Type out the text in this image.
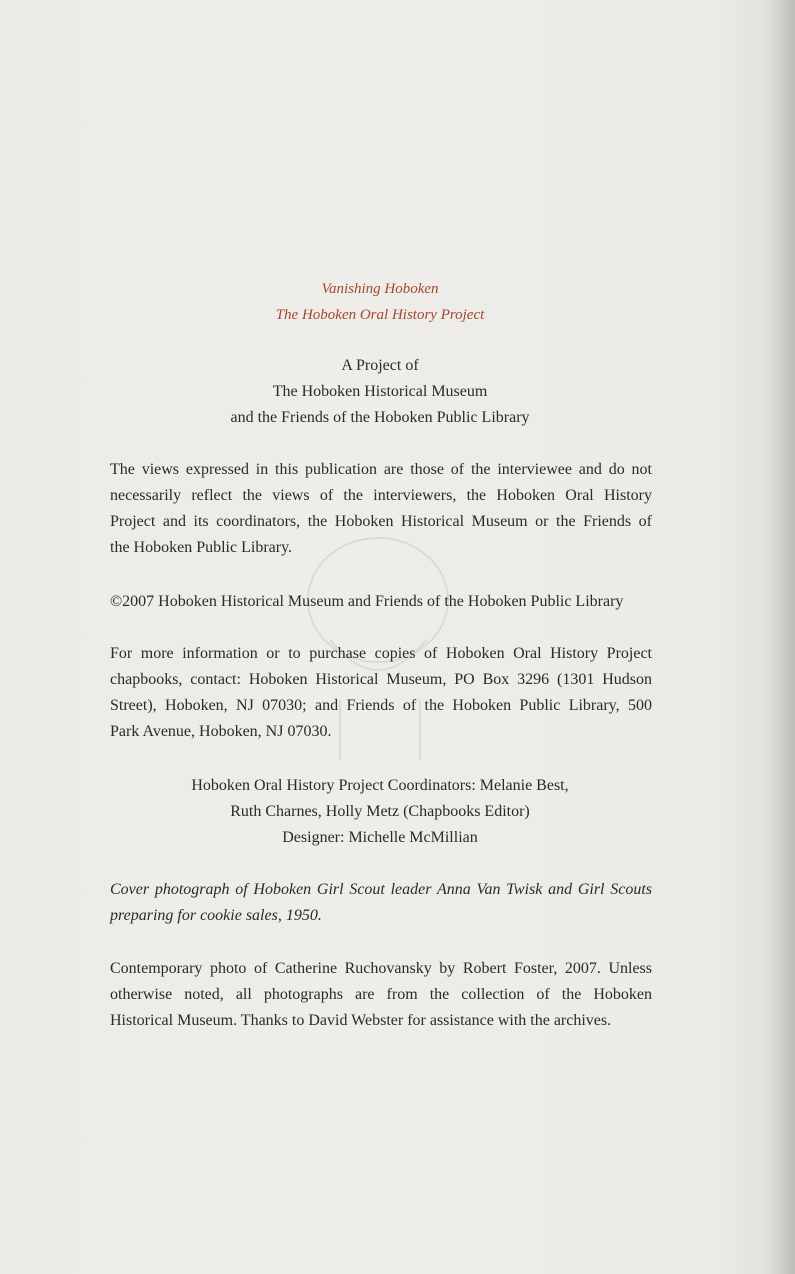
Vanishing Hoboken
The Hoboken Oral History Project
A Project of
The Hoboken Historical Museum
and the Friends of the Hoboken Public Library
The views expressed in this publication are those of the interviewee and do not
necessarily reflect the views of the interviewers, the Hoboken Oral History
Project and its coordinators, the Hoboken Historical Museum or the Friends of
the Hoboken Public Library.
©2007 Hoboken Historical Museum and Friends of the Hoboken Public Library
For more information or to purchase copies of Hoboken Oral History Project
chapbooks, contact: Hoboken Historical Museum, PO Box 3296 (1301 Hudson
Street), Hoboken, NJ 07030; and Friends of the Hoboken Public Library, 500
Park Avenue, Hoboken, NJ 07030.
Hoboken Oral History Project Coordinators: Melanie Best,
Ruth Charnes, Holly Metz (Chapbooks Editor)
Designer: Michelle McMillian
Cover photograph of Hoboken Girl Scout leader Anna Van Twisk and Girl Scouts
preparing for cookie sales, 1950.
Contemporary photo of Catherine Ruchovansky by Robert Foster, 2007. Unless
otherwise noted, all photographs are from the collection of the Hoboken
Historical Museum. Thanks to David Webster for assistance with the archives.
